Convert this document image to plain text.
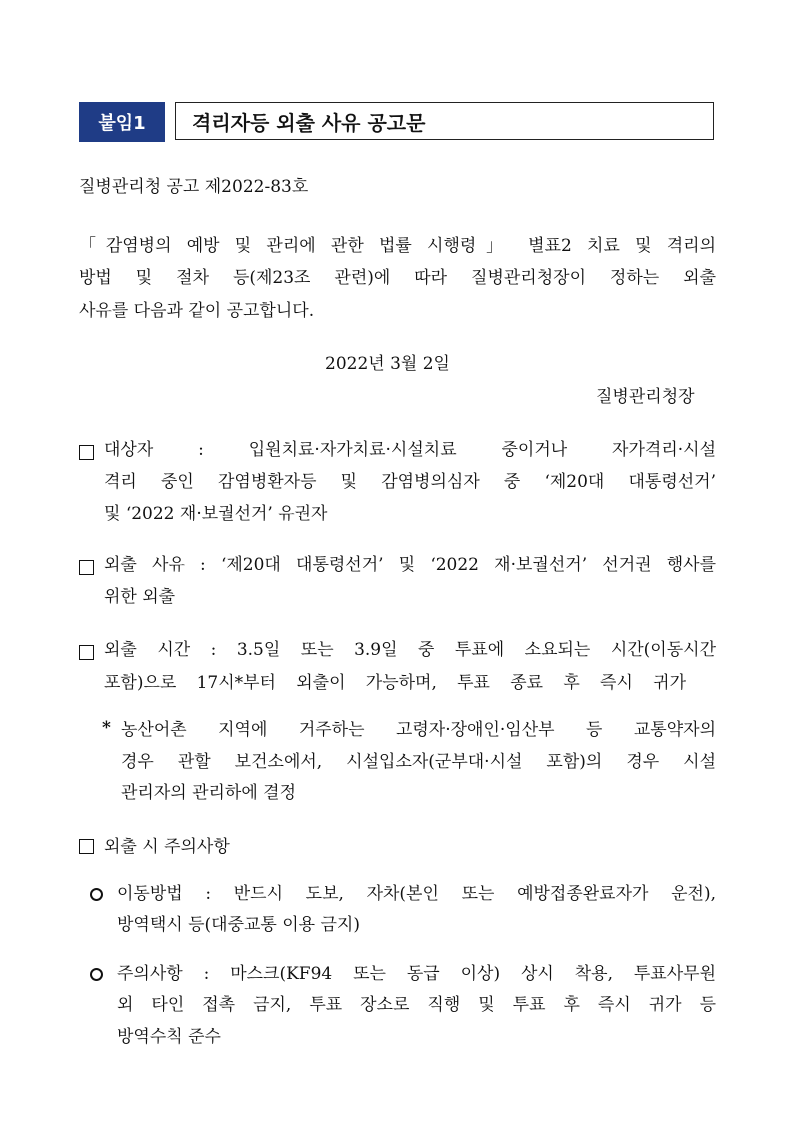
붙임1	격리자등 외출 사유 공고문
질병관리청 공고 제2022-83호
「감염병의 예방 및 관리에 관한 법률 시행령」 별표2 치료 및 격리의
방법 및 절차 등(제23조 관련)에 따라 질병관리청장이 정하는 외출
사유를 다음과 같이 공고합니다.
2022년 3월 2일
질병관리청장
대상자 : 입원치료·자가치료·시설치료 중이거나 자가격리·시설
격리 중인 감염병환자등 및 감염병의심자 중 ‘제20대 대통령선거’
및 ‘2022 재·보궐선거’ 유권자
외출 사유 : ‘제20대 대통령선거’ 및 ‘2022 재·보궐선거’ 선거권 행사를
위한 외출
외출 시간 : 3.5일 또는 3.9일 중 투표에 소요되는 시간(이동시간
포함)으로 17시*부터 외출이 가능하며, 투표 종료 후 즉시 귀가
* 농산어촌 지역에 거주하는 고령자·장애인·임산부 등 교통약자의
경우 관할 보건소에서, 시설입소자(군부대·시설 포함)의 경우 시설
관리자의 관리하에 결정
외출 시 주의사항
이동방법 : 반드시 도보, 자차(본인 또는 예방접종완료자가 운전),
방역택시 등(대중교통 이용 금지)
주의사항 : 마스크(KF94 또는 동급 이상) 상시 착용, 투표사무원
외 타인 접촉 금지, 투표 장소로 직행 및 투표 후 즉시 귀가 등
방역수칙 준수
